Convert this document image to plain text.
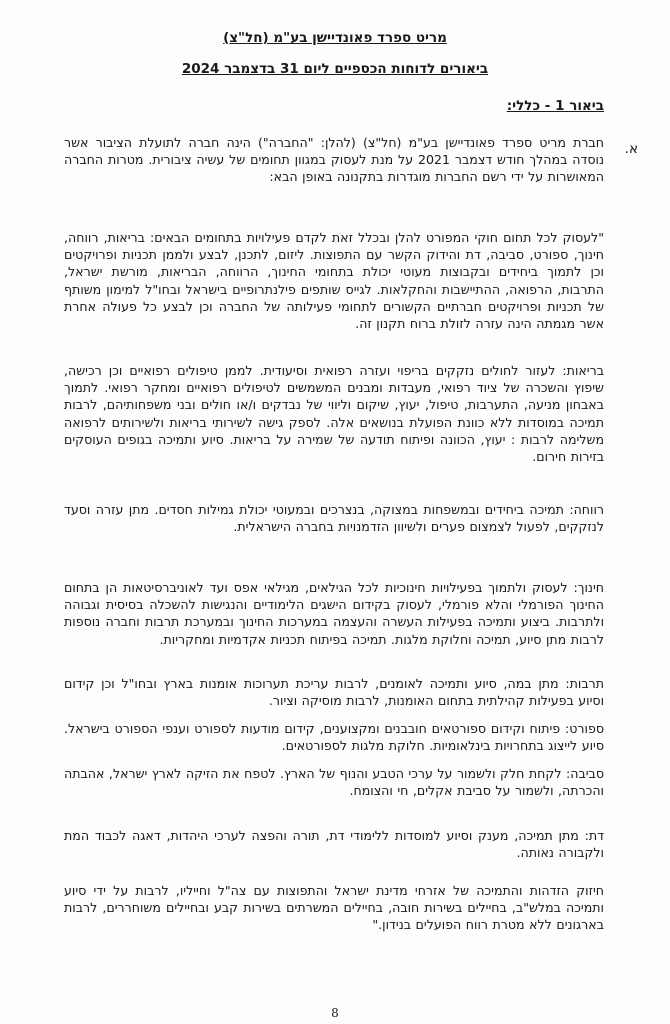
מריט ספרד פאונדיישן בע"מ (חל"צ)
ביאורים לדוחות הכספיים ליום 31 בדצמבר 2024
ביאור 1 - כללי:
א.
חברת מריט ספרד פאונדיישן בע"מ (חל"צ) (להלן: "החברה") הינה חברה לתועלת הציבור אשר נוסדה במהלך חודש דצמבר 2021 על מנת לעסוק במגוון תחומים של עשיה ציבורית. מטרות החברה המאושרות על ידי רשם החברות מוגדרות בתקנונה באופן הבא:
"לעסוק לכל תחום חוקי המפורט להלן ובכלל זאת לקדם פעילויות בתחומים הבאים: בריאות, רווחה, חינוך, ספורט, סביבה, דת והידוק הקשר עם התפוצות. ליזום, לתכנן, לבצע ולממן תכניות ופרויקטים וכן לתמוך ביחידים ובקבוצות מעוטי יכולת בתחומי החינוך, הרווחה, הבריאות, מורשת ישראל, התרבות, הרפואה, ההתיישבות והחקלאות. לגייס שותפים פילנתרופיים בישראל ובחו"ל למימון משותף של תכניות ופרויקטים חברתיים הקשורים לתחומי פעילותה של החברה וכן לבצע כל פעולה אחרת אשר מגמתה הינה עזרה לזולת ברוח תקנון זה.
בריאות: לעזור לחולים נזקקים בריפוי ועזרה רפואית וסיעודית. לממן טיפולים רפואיים וכן רכישה, שיפוץ והשכרה של ציוד רפואי, מעבדות ומבנים המשמשים לטיפולים רפואיים ומחקר רפואי. לתמוך באבחון מניעה, התערבות, טיפול, יעוץ, שיקום וליווי של נבדקים ו/או חולים ובני משפחותיהם, לרבות תמיכה במוסדות ללא כוונת הפועלת בנושאים אלה. לספק גישה לשירותי בריאות ולשירותים לרפואה משלימה לרבות : יעוץ, הכוונה ופיתוח תודעה של שמירה על בריאות. סיוע ותמיכה בגופים העוסקים בזירות חירום.
רווחה: תמיכה ביחידים ובמשפחות במצוקה, בנצרכים ובמעוטי יכולת גמילות חסדים. מתן עזרה וסעד לנזקקים, לפעול לצמצום פערים ולשיוון הזדמנויות בחברה הישראלית.
חינוך: לעסוק ולתמוך בפעילויות חינוכיות לכל הגילאים, מגילאי אפס ועד לאוניברסיטאות הן בתחום החינוך הפורמלי והלא פורמלי, לעסוק בקידום הישגים הלימודיים והנגישות להשכלה בסיסית וגבוהה ולתרבות. ביצוע ותמיכה בפעילות העשרה והעצמה במערכות החינוך ובמערכת תרבות וחברה נוספות לרבות מתן סיוע, תמיכה וחלוקת מלגות. תמיכה בפיתוח תכניות אקדמיות ומחקריות.
תרבות: מתן במה, סיוע ותמיכה לאומנים, לרבות עריכת תערוכות אומנות בארץ ובחו"ל וכן קידום וסיוע בפעילות קהילתית בתחום האומנות, לרבות מוסיקה וציור.
ספורט: פיתוח וקידום ספורטאים חובבנים ומקצוענים, קידום מודעות לספורט וענפי הספורט בישראל. סיוע לייצוג בתחרויות בינלאומיות. חלוקת מלגות לספורטאים.
סביבה: לקחת חלק ולשמור על ערכי הטבע והנוף של הארץ. לטפח את הזיקה לארץ ישראל, אהבתה והכרתה, ולשמור על סביבת אקלים, חי והצומח.
דת: מתן תמיכה, מענק וסיוע למוסדות ללימודי דת, תורה והפצה לערכי היהדות, דאגה לכבוד המת ולקבורה נאותה.
חיזוק הזדהות והתמיכה של אזרחי מדינת ישראל והתפוצות עם צה"ל וחייליו, לרבות על ידי סיוע ותמיכה במלש"ב, בחיילים בשירות חובה, בחיילים המשרתים בשירות קבע ובחיילים משוחררים, לרבות בארגונים ללא מטרת רווח הפועלים בנידון."
8
